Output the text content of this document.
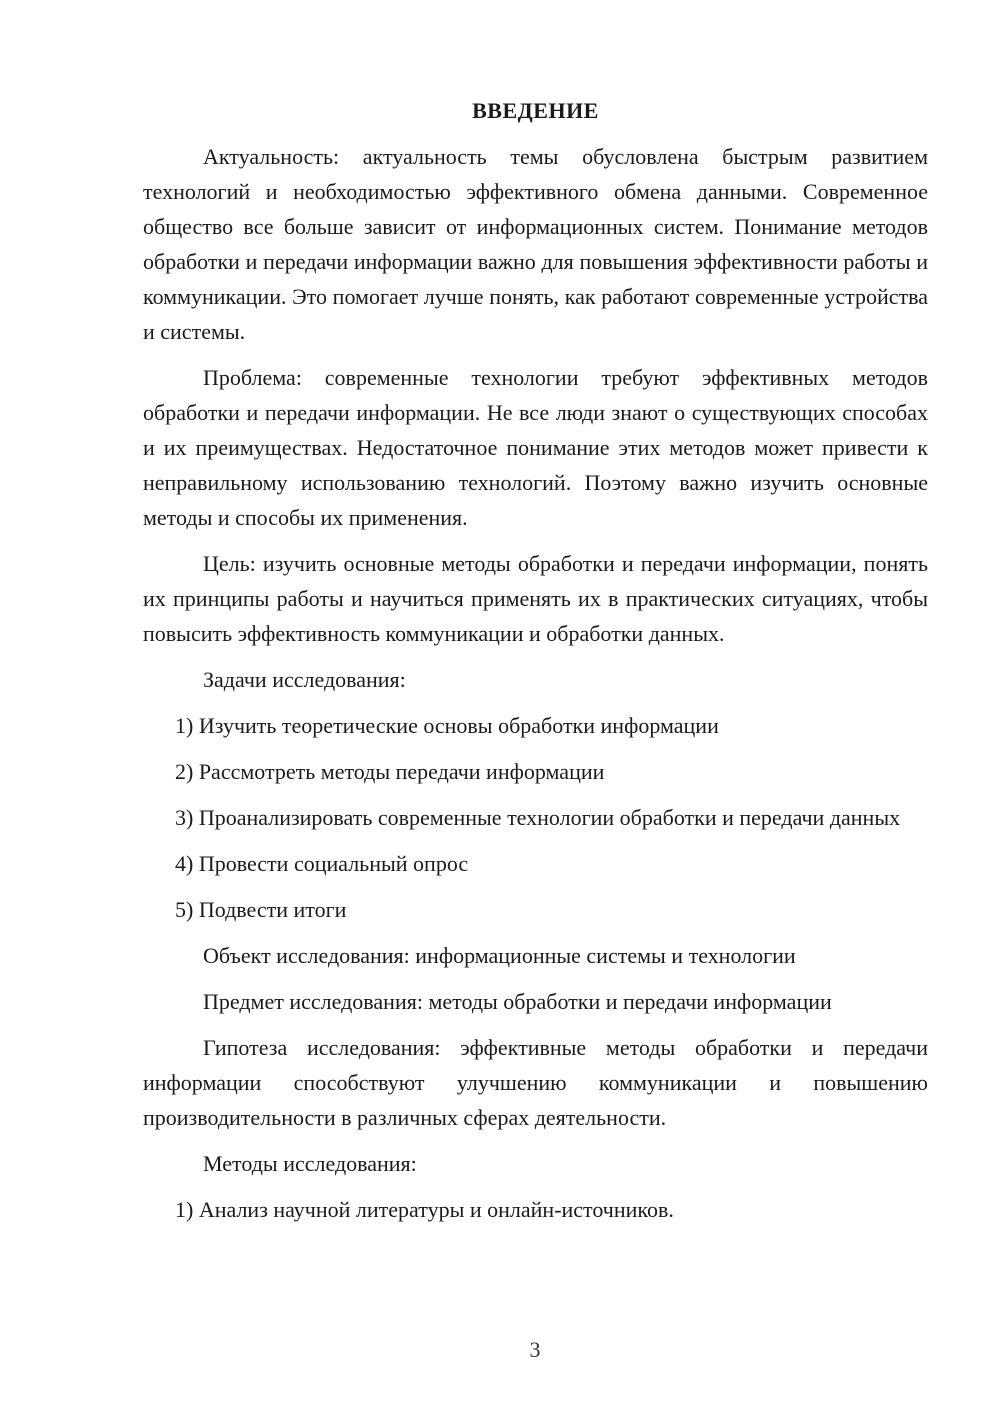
ВВЕДЕНИЕ

Актуальность: актуальность темы обусловлена быстрым развитием технологий и необходимостью эффективного обмена данными. Современное общество все больше зависит от информационных систем. Понимание методов обработки и передачи информации важно для повышения эффективности работы и коммуникации. Это помогает лучше понять, как работают современные устройства и системы.

Проблема: современные технологии требуют эффективных методов обработки и передачи информации. Не все люди знают о существующих способах и их преимуществах. Недостаточное понимание этих методов может привести к неправильному использованию технологий. Поэтому важно изучить основные методы и способы их применения.

Цель: изучить основные методы обработки и передачи информации, понять их принципы работы и научиться применять их в практических ситуациях, чтобы повысить эффективность коммуникации и обработки данных.

Задачи исследования:

1) Изучить теоретические основы обработки информации

2) Рассмотреть методы передачи информации

3) Проанализировать современные технологии обработки и передачи данных

4) Провести социальный опрос

5) Подвести итоги

Объект исследования: информационные системы и технологии

Предмет исследования: методы обработки и передачи информации

Гипотеза исследования: эффективные методы обработки и передачи информации способствуют улучшению коммуникации и повышению производительности в различных сферах деятельности.

Методы исследования:

1) Анализ научной литературы и онлайн-источников.

3
